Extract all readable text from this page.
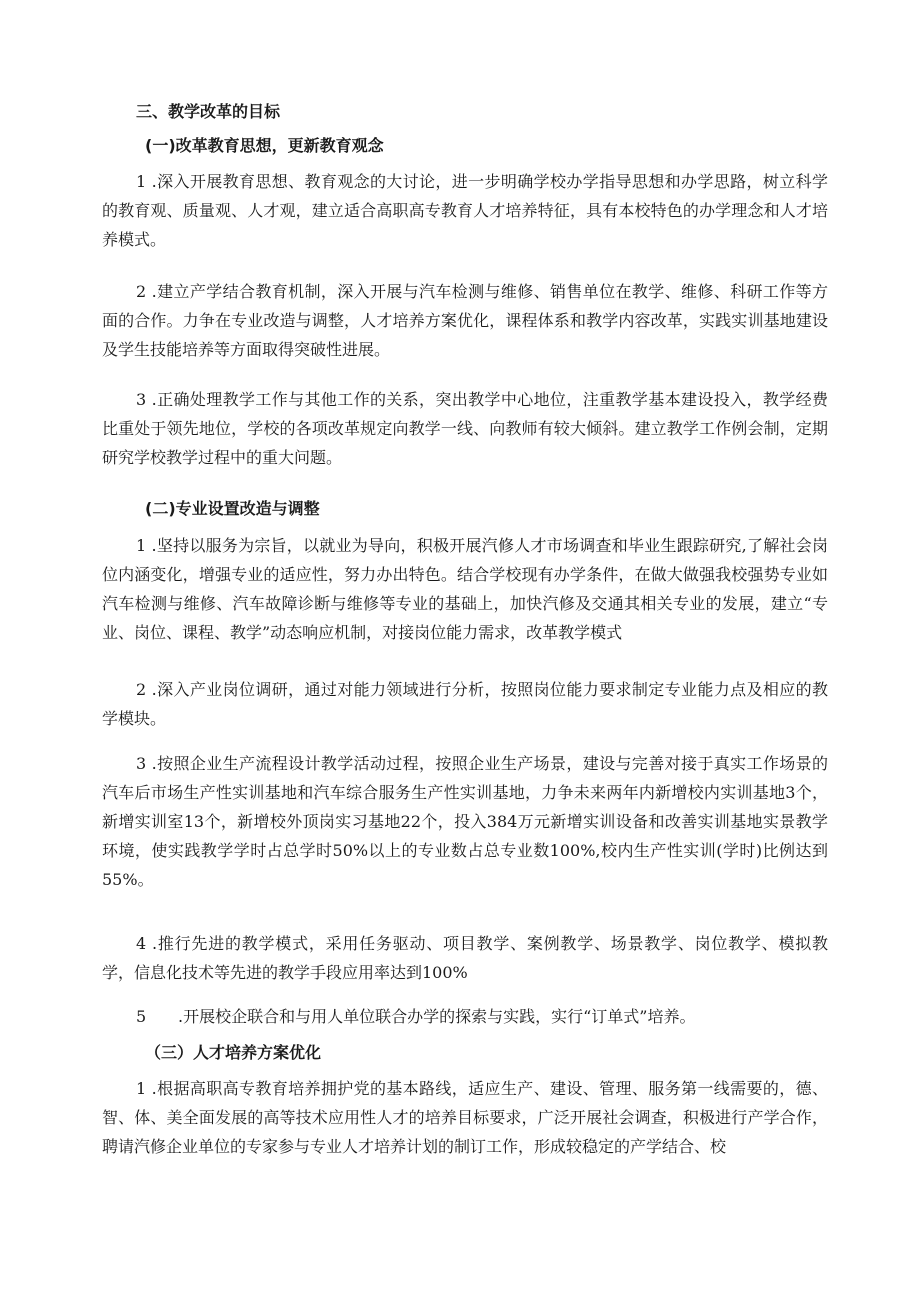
三、教学改革的目标
(一)改革教育思想，更新教育观念
1 .深入开展教育思想、教育观念的大讨论，进一步明确学校办学指导思想和办学思路，树立科学的教育观、质量观、人才观，建立适合高职高专教育人才培养特征，具有本校特色的办学理念和人才培养模式。
2 .建立产学结合教育机制，深入开展与汽车检测与维修、销售单位在教学、维修、科研工作等方面的合作。力争在专业改造与调整，人才培养方案优化，课程体系和教学内容改革，实践实训基地建设及学生技能培养等方面取得突破性进展。
3 .正确处理教学工作与其他工作的关系，突出教学中心地位，注重教学基本建设投入，教学经费比重处于领先地位，学校的各项改革规定向教学一线、向教师有较大倾斜。建立教学工作例会制，定期研究学校教学过程中的重大问题。
(二)专业设置改造与调整
1 .坚持以服务为宗旨，以就业为导向，积极开展汽修人才市场调查和毕业生跟踪研究,了解社会岗位内涵变化，增强专业的适应性，努力办出特色。结合学校现有办学条件，在做大做强我校强势专业如汽车检测与维修、汽车故障诊断与维修等专业的基础上，加快汽修及交通其相关专业的发展，建立“专业、岗位、课程、教学”动态响应机制，对接岗位能力需求，改革教学模式
2 .深入产业岗位调研，通过对能力领域进行分析，按照岗位能力要求制定专业能力点及相应的教学模块。
3 .按照企业生产流程设计教学活动过程，按照企业生产场景，建设与完善对接于真实工作场景的汽车后市场生产性实训基地和汽车综合服务生产性实训基地，力争未来两年内新增校内实训基地3个，新增实训室13个，新增校外顶岗实习基地22个，投入384万元新增实训设备和改善实训基地实景教学环境，使实践教学学时占总学时50%以上的专业数占总专业数100%,校内生产性实训(学时)比例达到55%。
4 .推行先进的教学模式，采用任务驱动、项目教学、案例教学、场景教学、岗位教学、模拟教学，信息化技术等先进的教学手段应用率达到100%
5 .开展校企联合和与用人单位联合办学的探索与实践，实行“订单式”培养。
（三）人才培养方案优化
1 .根据高职高专教育培养拥护党的基本路线，适应生产、建设、管理、服务第一线需要的，德、智、体、美全面发展的高等技术应用性人才的培养目标要求，广泛开展社会调查，积极进行产学合作，聘请汽修企业单位的专家参与专业人才培养计划的制订工作，形成较稳定的产学结合、校
